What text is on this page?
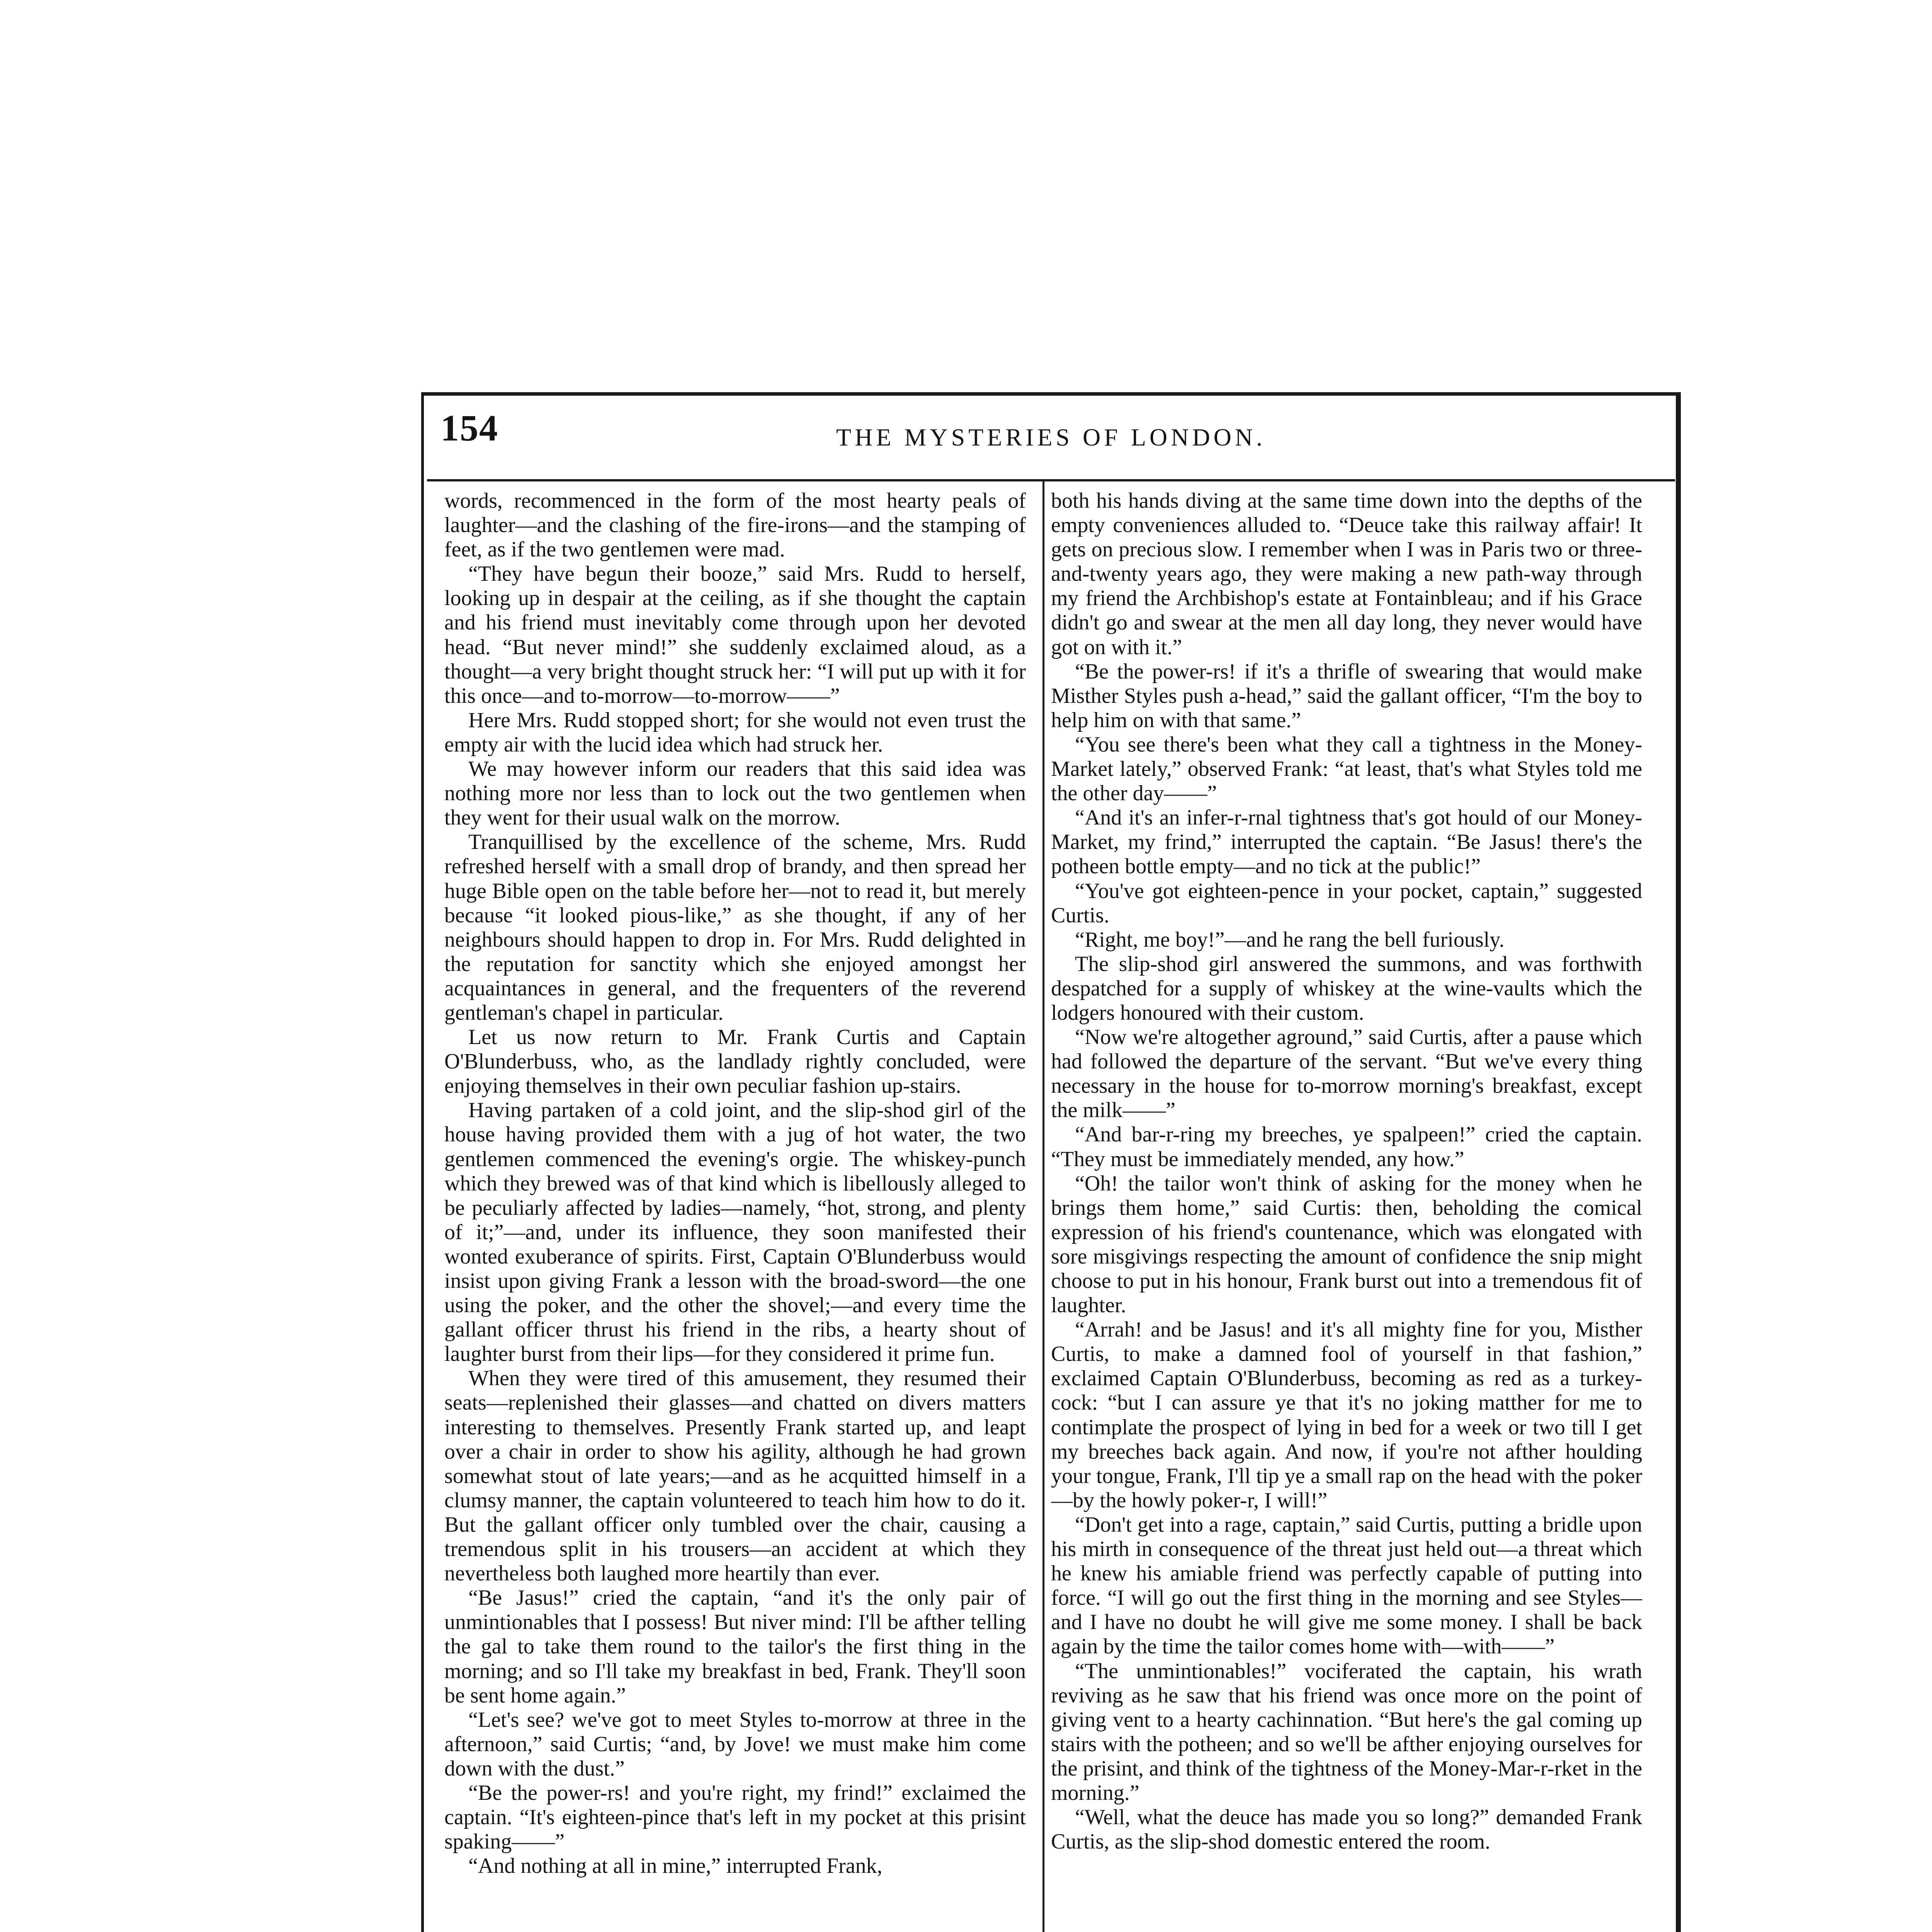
154	THE MYSTERIES OF LONDON.

words, recommenced in the form of the most hearty peals of laughter—and the clashing of the fire-irons—and the stamping of feet, as if the two gentlemen were mad.

“They have begun their booze,” said Mrs. Rudd to herself, looking up in despair at the ceiling, as if she thought the captain and his friend must inevitably come through upon her devoted head. “But never mind!” she suddenly exclaimed aloud, as a thought—a very bright thought struck her: “I will put up with it for this once—and to-morrow—to-morrow——”

Here Mrs. Rudd stopped short; for she would not even trust the empty air with the lucid idea which had struck her.

We may however inform our readers that this said idea was nothing more nor less than to lock out the two gentlemen when they went for their usual walk on the morrow.

Tranquillised by the excellence of the scheme, Mrs. Rudd refreshed herself with a small drop of brandy, and then spread her huge Bible open on the table before her—not to read it, but merely because “it looked pious-like,” as she thought, if any of her neighbours should happen to drop in. For Mrs. Rudd delighted in the reputation for sanctity which she enjoyed amongst her acquaintances in general, and the frequenters of the reverend gentleman's chapel in particular.

Let us now return to Mr. Frank Curtis and Captain O'Blunderbuss, who, as the landlady rightly concluded, were enjoying themselves in their own peculiar fashion up-stairs.

Having partaken of a cold joint, and the slip-shod girl of the house having provided them with a jug of hot water, the two gentlemen commenced the evening's orgie. The whiskey-punch which they brewed was of that kind which is libellously alleged to be peculiarly affected by ladies—namely, “hot, strong, and plenty of it;”—and, under its influence, they soon manifested their wonted exuberance of spirits. First, Captain O'Blunderbuss would insist upon giving Frank a lesson with the broad-sword—the one using the poker, and the other the shovel;—and every time the gallant officer thrust his friend in the ribs, a hearty shout of laughter burst from their lips—for they considered it prime fun.

When they were tired of this amusement, they resumed their seats—replenished their glasses—and chatted on divers matters interesting to themselves. Presently Frank started up, and leapt over a chair in order to show his agility, although he had grown somewhat stout of late years;—and as he acquitted himself in a clumsy manner, the captain volunteered to teach him how to do it. But the gallant officer only tumbled over the chair, causing a tremendous split in his trousers—an accident at which they nevertheless both laughed more heartily than ever.

“Be Jasus!” cried the captain, “and it's the only pair of unmintionables that I possess! But niver mind: I'll be afther telling the gal to take them round to the tailor's the first thing in the morning; and so I'll take my breakfast in bed, Frank. They'll soon be sent home again.”

“Let's see? we've got to meet Styles to-morrow at three in the afternoon,” said Curtis; “and, by Jove! we must make him come down with the dust.”

“Be the power-rs! and you're right, my frind!” exclaimed the captain. “It's eighteen-pince that's left in my pocket at this prisint spaking——”

“And nothing at all in mine,” interrupted Frank,

both his hands diving at the same time down into the depths of the empty conveniences alluded to. “Deuce take this railway affair! It gets on precious slow. I remember when I was in Paris two or three-and-twenty years ago, they were making a new path-way through my friend the Archbishop's estate at Fontainbleau; and if his Grace didn't go and swear at the men all day long, they never would have got on with it.”

“Be the power-rs! if it's a thrifle of swearing that would make Misther Styles push a-head,” said the gallant officer, “I'm the boy to help him on with that same.”

“You see there's been what they call a tightness in the Money-Market lately,” observed Frank: “at least, that's what Styles told me the other day——”

“And it's an infer-r-rnal tightness that's got hould of our Money-Market, my frind,” interrupted the captain. “Be Jasus! there's the potheen bottle empty—and no tick at the public!”

“You've got eighteen-pence in your pocket, captain,” suggested Curtis.

“Right, me boy!”—and he rang the bell furiously.

The slip-shod girl answered the summons, and was forthwith despatched for a supply of whiskey at the wine-vaults which the lodgers honoured with their custom.

“Now we're altogether aground,” said Curtis, after a pause which had followed the departure of the servant. “But we've every thing necessary in the house for to-morrow morning's breakfast, except the milk——”

“And bar-r-ring my breeches, ye spalpeen!” cried the captain. “They must be immediately mended, any how.”

“Oh! the tailor won't think of asking for the money when he brings them home,” said Curtis: then, beholding the comical expression of his friend's countenance, which was elongated with sore misgivings respecting the amount of confidence the snip might choose to put in his honour, Frank burst out into a tremendous fit of laughter.

“Arrah! and be Jasus! and it's all mighty fine for you, Misther Curtis, to make a damned fool of yourself in that fashion,” exclaimed Captain O'Blunderbuss, becoming as red as a turkey-cock: “but I can assure ye that it's no joking matther for me to contimplate the prospect of lying in bed for a week or two till I get my breeches back again. And now, if you're not afther houlding your tongue, Frank, I'll tip ye a small rap on the head with the poker—by the howly poker-r, I will!”

“Don't get into a rage, captain,” said Curtis, putting a bridle upon his mirth in consequence of the threat just held out—a threat which he knew his amiable friend was perfectly capable of putting into force. “I will go out the first thing in the morning and see Styles—and I have no doubt he will give me some money. I shall be back again by the time the tailor comes home with—with——”

“The unmintionables!” vociferated the captain, his wrath reviving as he saw that his friend was once more on the point of giving vent to a hearty cachinnation. “But here's the gal coming up stairs with the potheen; and so we'll be afther enjoying ourselves for the prisint, and think of the tightness of the Money-Mar-r-rket in the morning.”

“Well, what the deuce has made you so long?” demanded Frank Curtis, as the slip-shod domestic entered the room.
